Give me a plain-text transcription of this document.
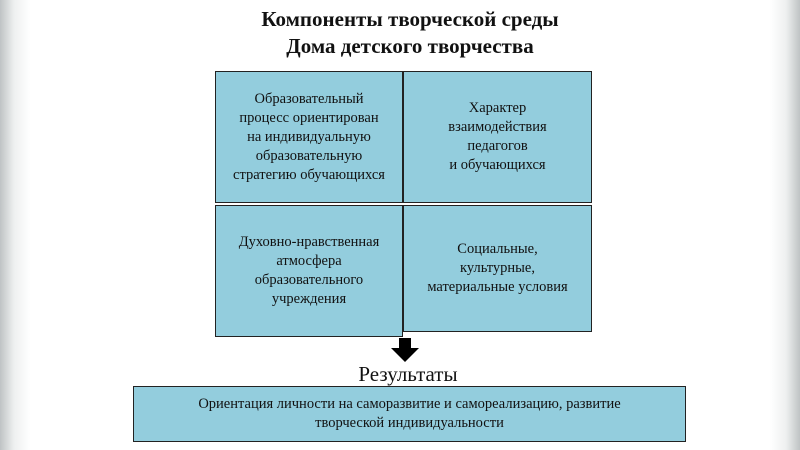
Компоненты творческой среды
Дома детского творчества
Образовательный
процесс ориентирован
на индивидуальную
образовательную
стратегию обучающихся
Характер
взаимодействия
педагогов
и обучающихся
Духовно-нравственная
атмосфера
образовательного
учреждения
Социальные,
культурные,
материальные условия
Результаты
Ориентация личности на саморазвитие и самореализацию, развитие
творческой индивидуальности
